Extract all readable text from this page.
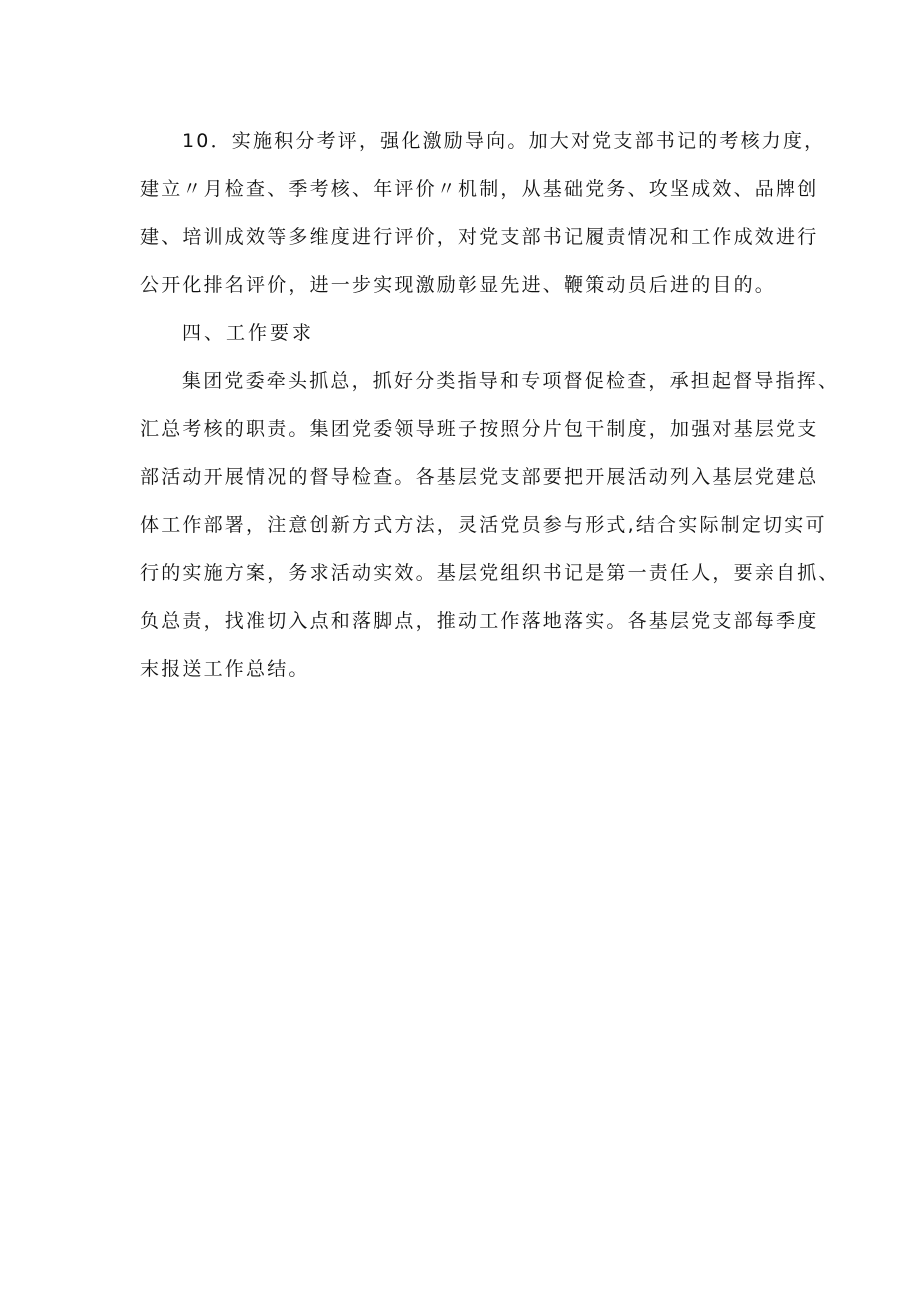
10．实施积分考评，强化激励导向。加大对党支部书记的考核力度，

建立〃月检查、季考核、年评价〃机制，从基础党务、攻坚成效、品牌创

建、培训成效等多维度进行评价，对党支部书记履责情况和工作成效进行

公开化排名评价，进一步实现激励彰显先进、鞭策动员后进的目的。

四、工作要求

集团党委牵头抓总，抓好分类指导和专项督促检查，承担起督导指挥、

汇总考核的职责。集团党委领导班子按照分片包干制度，加强对基层党支

部活动开展情况的督导检查。各基层党支部要把开展活动列入基层党建总

体工作部署，注意创新方式方法，灵活党员参与形式,结合实际制定切实可

行的实施方案，务求活动实效。基层党组织书记是第一责任人，要亲自抓、

负总责，找准切入点和落脚点，推动工作落地落实。各基层党支部每季度

末报送工作总结。
